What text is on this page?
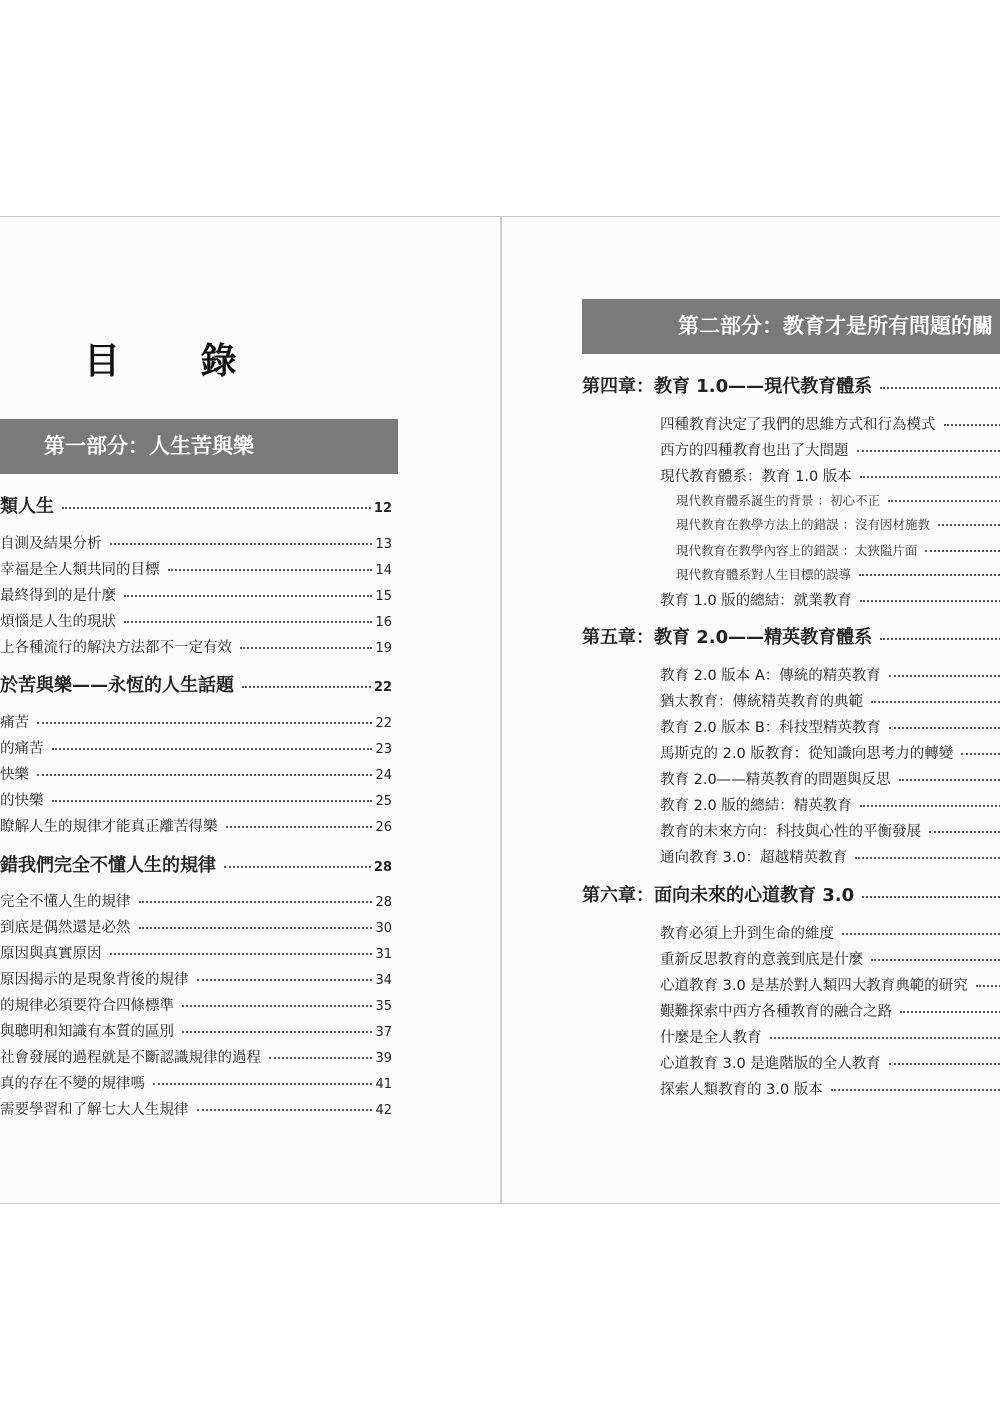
目 錄
第一部分：人生苦與樂
類人生	12
自測及結果分析	13
幸福是全人類共同的目標	14
最終得到的是什麼	15
煩惱是人生的現狀	16
上各種流行的解決方法都不一定有效	19
於苦與樂——永恆的人生話題	22
痛苦	22
的痛苦	23
快樂	24
的快樂	25
瞭解人生的規律才能真正離苦得樂	26
錯我們完全不懂人生的規律	28
完全不懂人生的規律	28
到底是偶然還是必然	30
原因與真實原因	31
原因揭示的是現象背後的規律	34
的規律必須要符合四條標準	35
與聰明和知識有本質的區別	37
社會發展的過程就是不斷認識規律的過程	39
真的存在不變的規律嗎	41
需要學習和了解七大人生規律	42
第二部分：教育才是所有問題的關
第四章：教育 1.0——現代教育體系
四種教育決定了我們的思維方式和行為模式
西方的四種教育也出了大問題
現代教育體系：教育 1.0 版本
現代教育體系誕生的背景 ：初心不正
現代教育在教學方法上的錯誤 ：沒有因材施教
現代教育在教學內容上的錯誤 ：太狹隘片面
現代教育體系對人生目標的誤導
教育 1.0 版的總結：就業教育
第五章：教育 2.0——精英教育體系
教育 2.0 版本 A：傳統的精英教育
猶太教育：傳統精英教育的典範
教育 2.0 版本 B：科技型精英教育
馬斯克的 2.0 版教育：從知識向思考力的轉變
教育 2.0——精英教育的問題與反思
教育 2.0 版的總結：精英教育
教育的未來方向：科技與心性的平衡發展
通向教育 3.0：超越精英教育
第六章：面向未來的心道教育 3.0
教育必須上升到生命的維度
重新反思教育的意義到底是什麼
心道教育 3.0 是基於對人類四大教育典範的研究
艱難探索中西方各種教育的融合之路
什麼是全人教育
心道教育 3.0 是進階版的全人教育
探索人類教育的 3.0 版本
